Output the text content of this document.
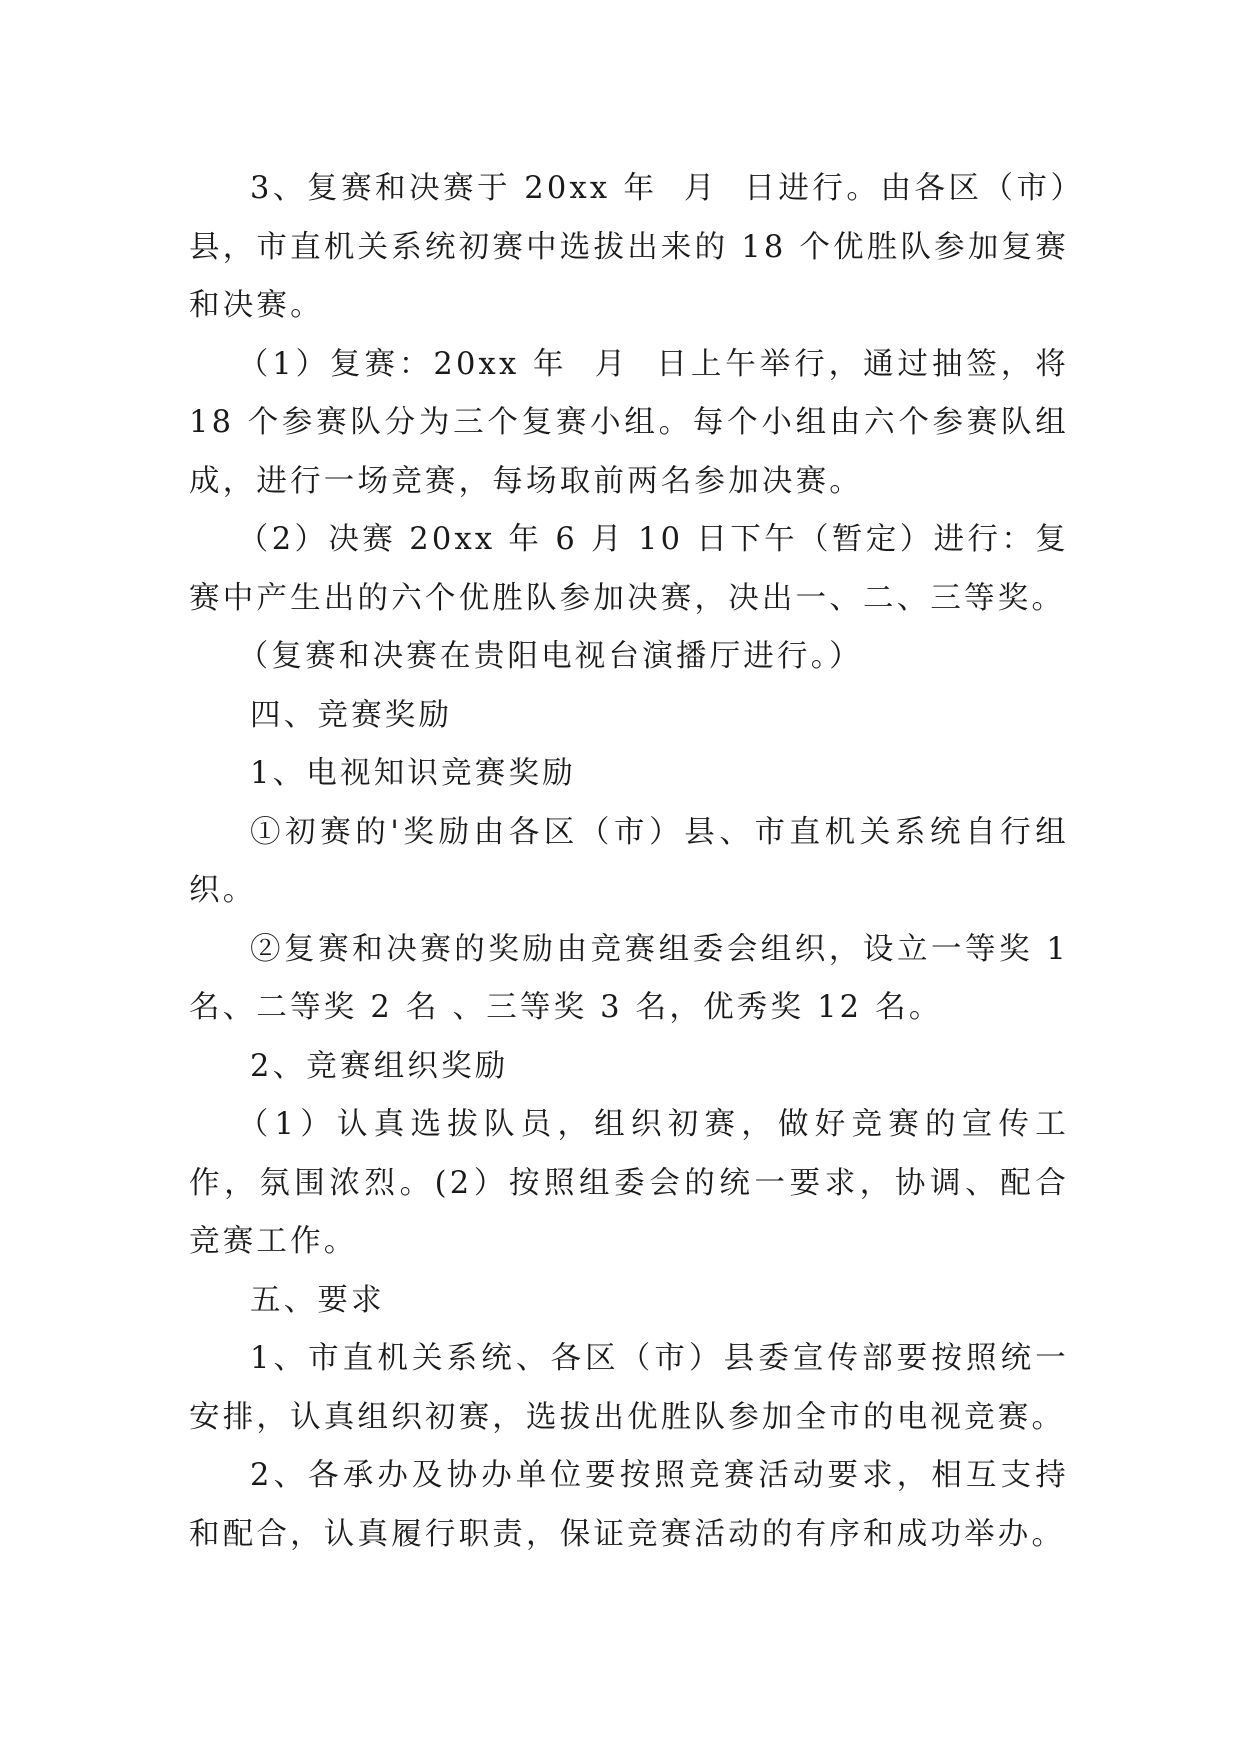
3、复赛和决赛于 20xx 年  月  日进行。由各区（市）县，市直机关系统初赛中选拔出来的 18 个优胜队参加复赛和决赛。

（1）复赛：20xx 年  月  日上午举行，通过抽签，将 18 个参赛队分为三个复赛小组。每个小组由六个参赛队组成，进行一场竞赛，每场取前两名参加决赛。

（2）决赛 20xx 年 6 月 10 日下午（暂定）进行：复赛中产生出的六个优胜队参加决赛，决出一、二、三等奖。

（复赛和决赛在贵阳电视台演播厅进行。）

四、竞赛奖励

1、电视知识竞赛奖励

①初赛的'奖励由各区（市）县、市直机关系统自行组织。

②复赛和决赛的奖励由竞赛组委会组织，设立一等奖 1 名、二等奖 2 名 、三等奖 3 名，优秀奖 12 名。

2、竞赛组织奖励

（1）认真选拔队员，组织初赛，做好竞赛的宣传工作，氛围浓烈。(2）按照组委会的统一要求，协调、配合竞赛工作。

五、要求

1、市直机关系统、各区（市）县委宣传部要按照统一安排，认真组织初赛，选拔出优胜队参加全市的电视竞赛。

2、各承办及协办单位要按照竞赛活动要求，相互支持和配合，认真履行职责，保证竞赛活动的有序和成功举办。
